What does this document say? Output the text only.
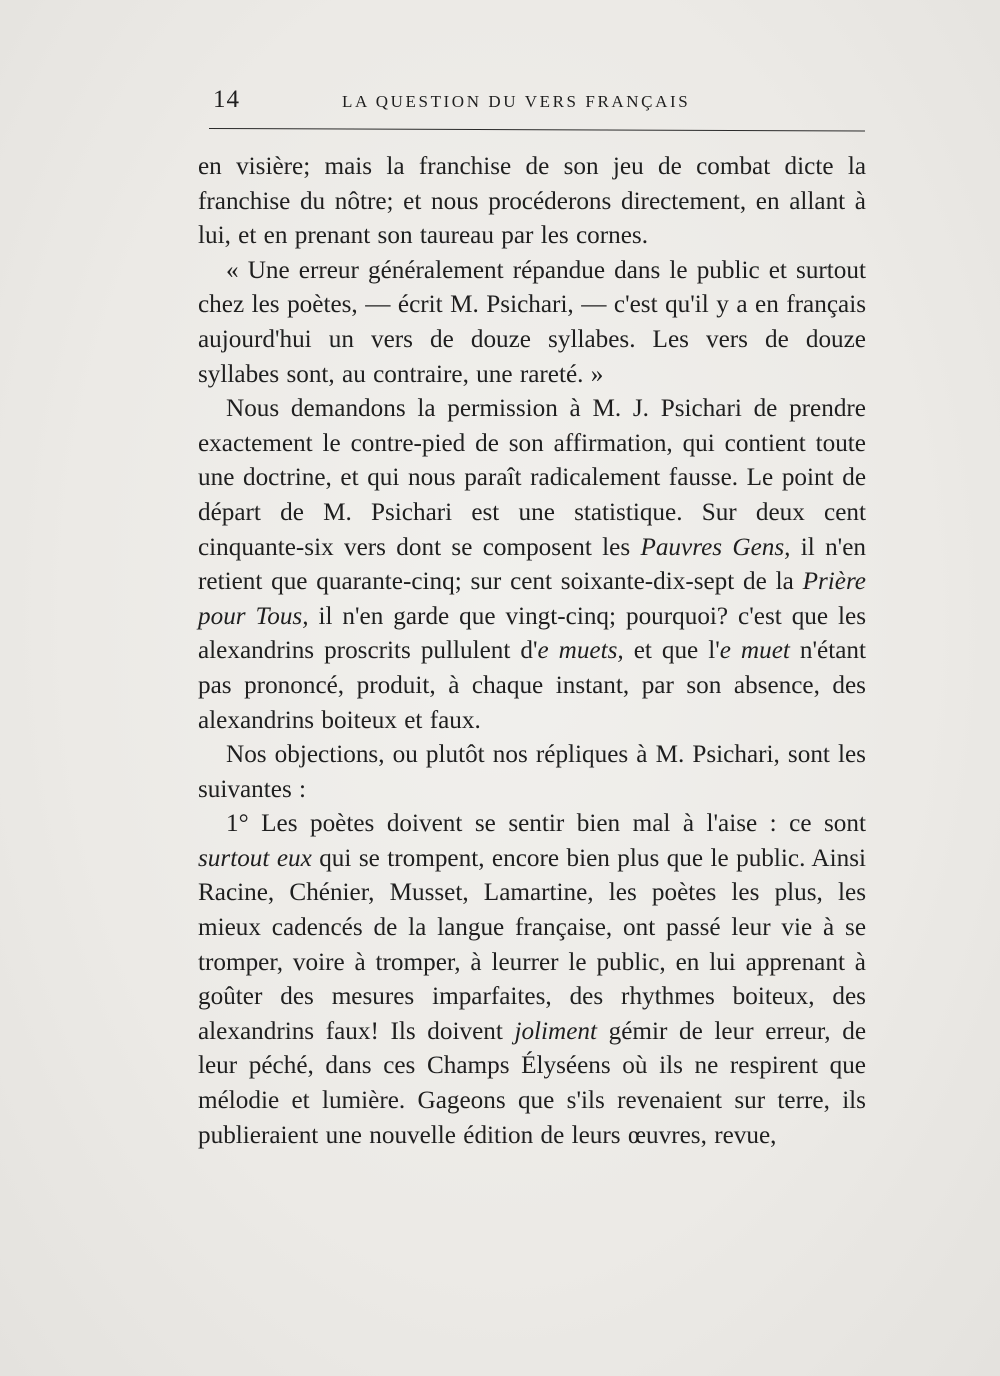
14	LA QUESTION DU VERS FRANÇAIS

en visière; mais la franchise de son jeu de combat dicte la franchise du nôtre; et nous procéderons directement, en allant à lui, et en prenant son taureau par les cornes.

« Une erreur généralement répandue dans le public et surtout chez les poètes, — écrit M. Psichari, — c'est qu'il y a en français aujourd'hui un vers de douze syllabes. Les vers de douze syllabes sont, au contraire, une rareté. »

Nous demandons la permission à M. J. Psichari de prendre exactement le contre-pied de son affirmation, qui contient toute une doctrine, et qui nous paraît radicalement fausse. Le point de départ de M. Psichari est une statistique. Sur deux cent cinquante-six vers dont se composent les Pauvres Gens, il n'en retient que quarante-cinq; sur cent soixante-dix-sept de la Prière pour Tous, il n'en garde que vingt-cinq; pourquoi? c'est que les alexandrins proscrits pullulent d'e muets, et que l'e muet n'étant pas prononcé, produit, à chaque instant, par son absence, des alexandrins boiteux et faux.

Nos objections, ou plutôt nos répliques à M. Psichari, sont les suivantes :

1° Les poètes doivent se sentir bien mal à l'aise : ce sont surtout eux qui se trompent, encore bien plus que le public. Ainsi Racine, Chénier, Musset, Lamartine, les poètes les plus, les mieux cadencés de la langue française, ont passé leur vie à se tromper, voire à tromper, à leurrer le public, en lui apprenant à goûter des mesures imparfaites, des rhythmes boiteux, des alexandrins faux! Ils doivent joliment gémir de leur erreur, de leur péché, dans ces Champs Élyséens où ils ne respirent que mélodie et lumière. Gageons que s'ils revenaient sur terre, ils publieraient une nouvelle édition de leurs œuvres, revue,
